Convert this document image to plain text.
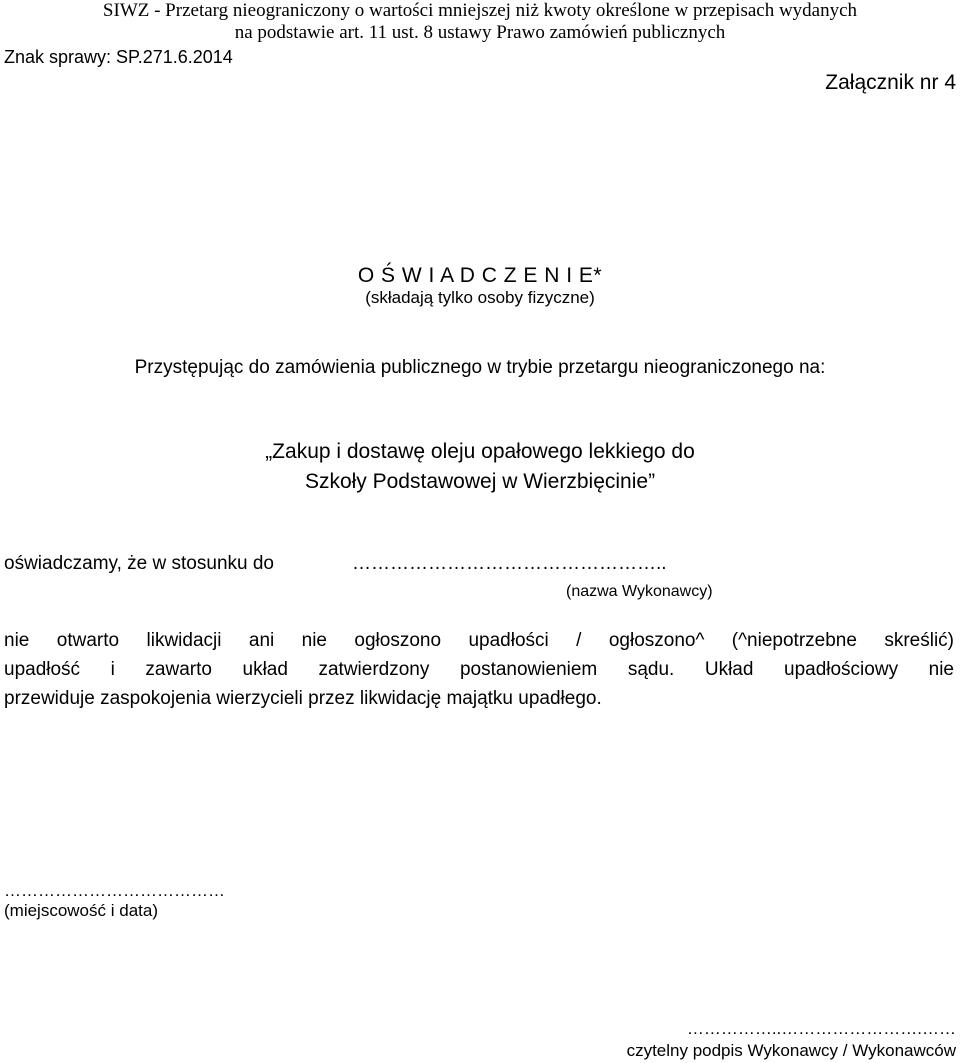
SIWZ - Przetarg nieograniczony o wartości mniejszej niż kwoty określone w przepisach wydanych
na podstawie art. 11 ust. 8 ustawy Prawo zamówień publicznych
Znak sprawy: SP.271.6.2014
Załącznik nr 4
O Ś W I A D C Z E N I E*
(składają tylko osoby fizyczne)
Przystępując do zamówienia publicznego w trybie przetargu nieograniczonego na:
„Zakup i dostawę oleju opałowego lekkiego do
Szkoły Podstawowej w Wierzbięcinie”
oświadczamy, że w stosunku do	…………………………………………..
(nazwa Wykonawcy)
nie otwarto likwidacji ani nie ogłoszono upadłości / ogłoszono^ (^niepotrzebne skreślić)
upadłość i zawarto układ zatwierdzony postanowieniem sądu. Układ upadłościowy nie
przewiduje zaspokojenia wierzycieli przez likwidację majątku upadłego.
…………………………………
(miejscowość i data)
……………..…………………….……
czytelny podpis Wykonawcy / Wykonawców
